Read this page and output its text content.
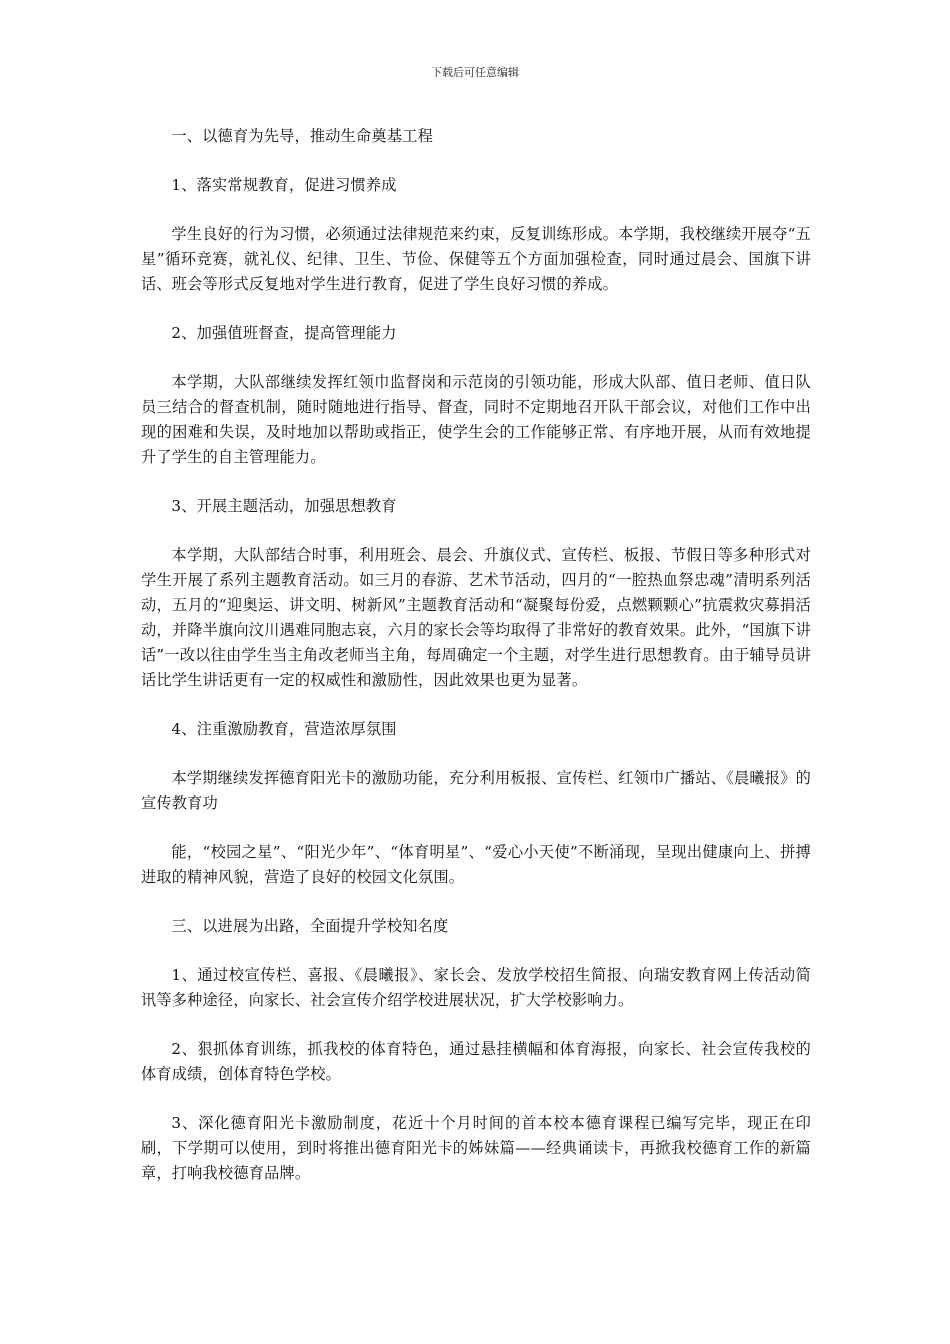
下载后可任意编辑

一、以德育为先导，推动生命奠基工程

1、落实常规教育，促进习惯养成

学生良好的行为习惯，必须通过法律规范来约束，反复训练形成。本学期，我校继续开展夺“五星”循环竞赛，就礼仪、纪律、卫生、节俭、保健等五个方面加强检查，同时通过晨会、国旗下讲话、班会等形式反复地对学生进行教育，促进了学生良好习惯的养成。

2、加强值班督查，提高管理能力

本学期，大队部继续发挥红领巾监督岗和示范岗的引领功能，形成大队部、值日老师、值日队员三结合的督查机制，随时随地进行指导、督查，同时不定期地召开队干部会议，对他们工作中出现的困难和失误，及时地加以帮助或指正，使学生会的工作能够正常、有序地开展，从而有效地提升了学生的自主管理能力。

3、开展主题活动，加强思想教育

本学期，大队部结合时事，利用班会、晨会、升旗仪式、宣传栏、板报、节假日等多种形式对学生开展了系列主题教育活动。如三月的春游、艺术节活动，四月的“一腔热血祭忠魂”清明系列活动，五月的“迎奥运、讲文明、树新风”主题教育活动和“凝聚每份爱，点燃颗颗心”抗震救灾募捐活动，并降半旗向汶川遇难同胞志哀，六月的家长会等均取得了非常好的教育效果。此外，“国旗下讲话”一改以往由学生当主角改老师当主角，每周确定一个主题，对学生进行思想教育。由于辅导员讲话比学生讲话更有一定的权威性和激励性，因此效果也更为显著。

4、注重激励教育，营造浓厚氛围

本学期继续发挥德育阳光卡的激励功能，充分利用板报、宣传栏、红领巾广播站、《晨曦报》的宣传教育功

能，“校园之星”、“阳光少年”、“体育明星”、“爱心小天使”不断涌现，呈现出健康向上、拼搏进取的精神风貌，营造了良好的校园文化氛围。

三、以进展为出路，全面提升学校知名度

1、通过校宣传栏、喜报、《晨曦报》、家长会、发放学校招生简报、向瑞安教育网上传活动简讯等多种途径，向家长、社会宣传介绍学校进展状况，扩大学校影响力。

2、狠抓体育训练，抓我校的体育特色，通过悬挂横幅和体育海报，向家长、社会宣传我校的体育成绩，创体育特色学校。

3、深化德育阳光卡激励制度，花近十个月时间的首本校本德育课程已编写完毕，现正在印刷，下学期可以使用，到时将推出德育阳光卡的姊妹篇——经典诵读卡，再掀我校德育工作的新篇章，打响我校德育品牌。
